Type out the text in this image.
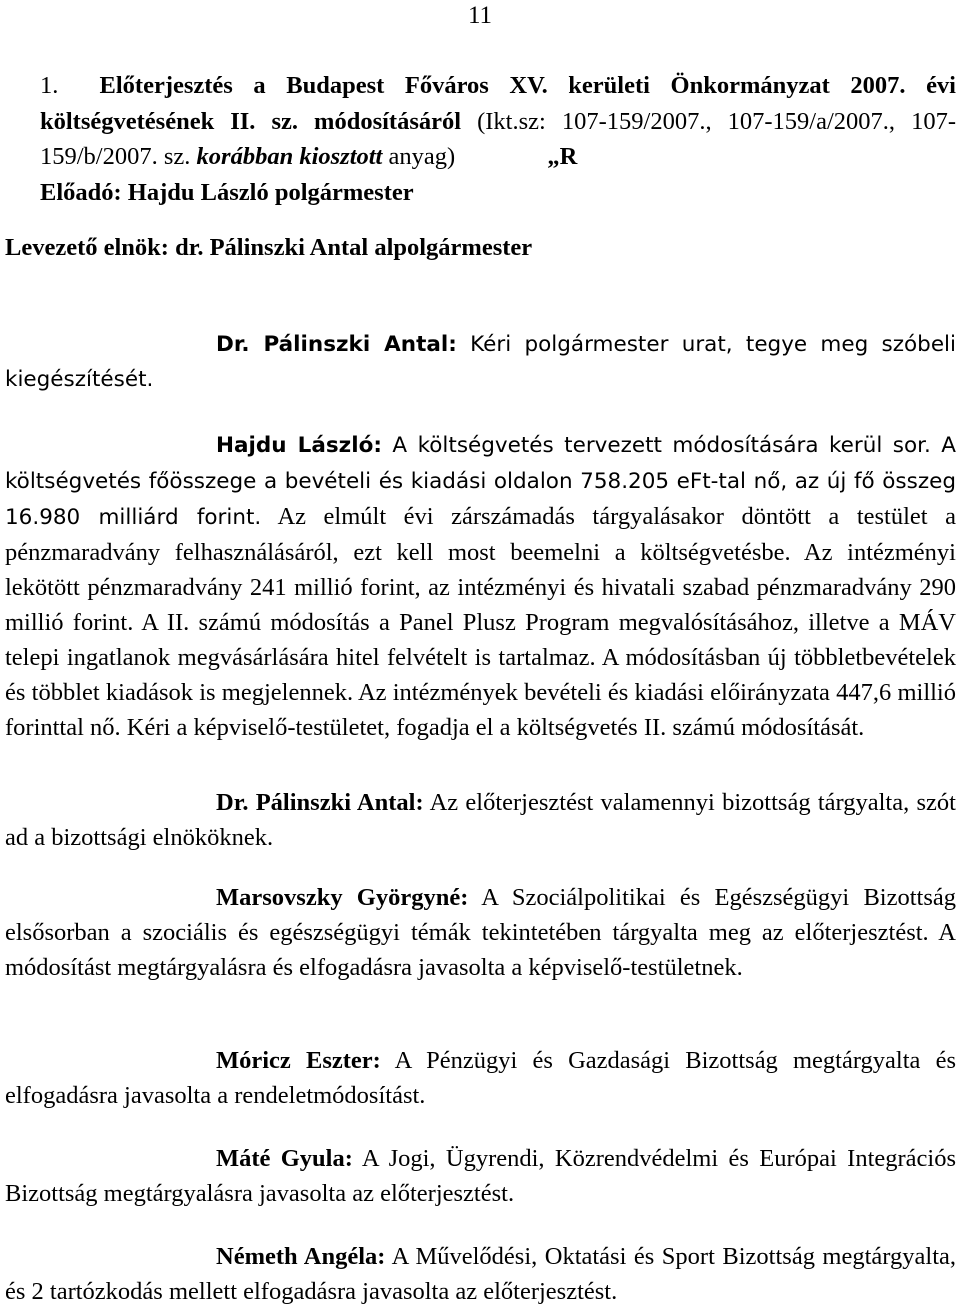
11
1. Előterjesztés a Budapest Főváros XV. kerületi Önkormányzat 2007. évi költségvetésének II. sz. módosításáról (Ikt.sz: 107-159/2007., 107-159/a/2007., 107-159/b/2007. sz. korábban kiosztott anyag)	„R
Előadó: Hajdu László polgármester
Levezető elnök: dr. Pálinszki Antal alpolgármester

Dr. Pálinszki Antal: Kéri polgármester urat, tegye meg szóbeli kiegészítését.

Hajdu László: A költségvetés tervezett módosítására kerül sor. A költségvetés főösszege a bevételi és kiadási oldalon 758.205 eFt-tal nő, az új fő összeg 16.980 milliárd forint. Az elmúlt évi zárszámadás tárgyalásakor döntött a testület a pénzmaradvány felhasználásáról, ezt kell most beemelni a költségvetésbe. Az intézményi lekötött pénzmaradvány 241 millió forint, az intézményi és hivatali szabad pénzmaradvány 290 millió forint. A II. számú módosítás a Panel Plusz Program megvalósításához, illetve a MÁV telepi ingatlanok megvásárlására hitel felvételt is tartalmaz. A módosításban új többletbevételek és többlet kiadások is megjelennek. Az intézmények bevételi és kiadási előirányzata 447,6 millió forinttal nő. Kéri a képviselő-testületet, fogadja el a költségvetés II. számú módosítását.

Dr. Pálinszki Antal: Az előterjesztést valamennyi bizottság tárgyalta, szót ad a bizottsági elnököknek.

Marsovszky Györgyné: A Szociálpolitikai és Egészségügyi Bizottság elsősorban a szociális és egészségügyi témák tekintetében tárgyalta meg az előterjesztést. A módosítást megtárgyalásra és elfogadásra javasolta a képviselő-testületnek.

Móricz Eszter: A Pénzügyi és Gazdasági Bizottság megtárgyalta és elfogadásra javasolta a rendeletmódosítást.

Máté Gyula: A Jogi, Ügyrendi, Közrendvédelmi és Európai Integrációs Bizottság megtárgyalásra javasolta az előterjesztést.

Németh Angéla: A Művelődési, Oktatási és Sport Bizottság megtárgyalta, és 2 tartózkodás mellett elfogadásra javasolta az előterjesztést.
